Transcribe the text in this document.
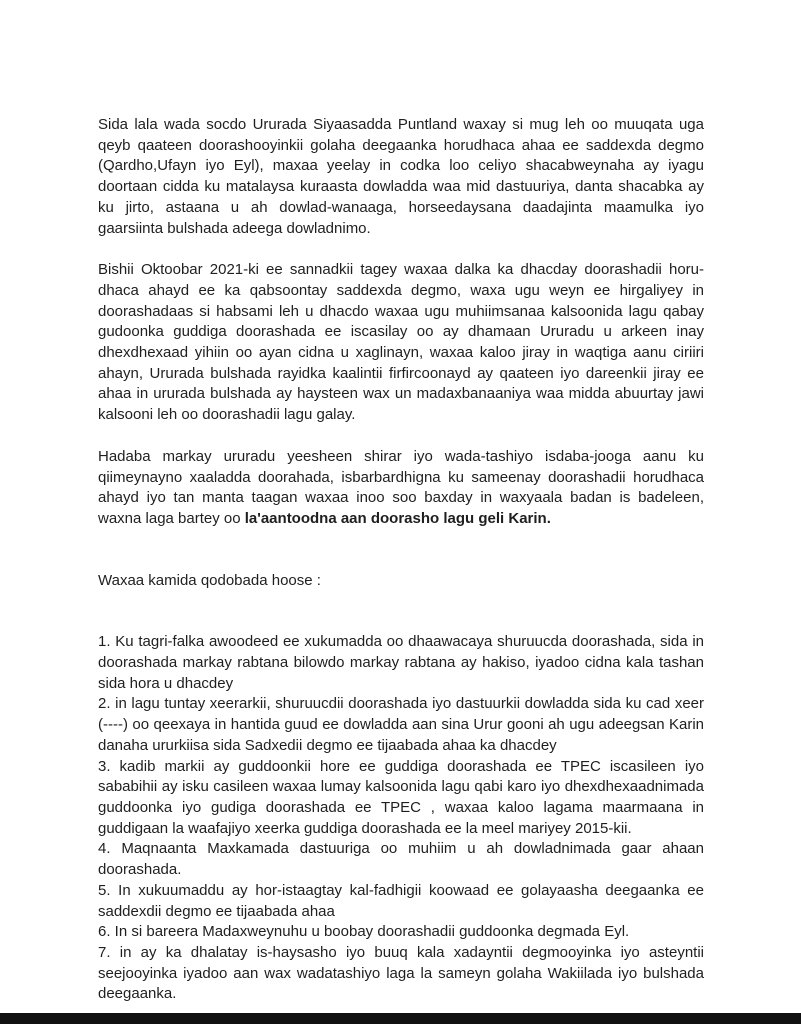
Sida lala wada socdo Ururada Siyaasadda Puntland waxay si mug leh oo muuqata uga qeyb qaateen doorashooyinkii golaha deegaanka horudhaca ahaa ee saddexda degmo (Qardho,Ufayn iyo Eyl), maxaa yeelay in codka loo celiyo shacabweynaha ay iyagu doortaan cidda ku matalaysa kuraasta dowladda waa mid dastuuriya, danta shacabka ay ku jirto, astaana u ah dowlad-wanaaga, horseedaysana daadajinta maamulka iyo gaarsiinta bulshada adeega dowladnimo.

Bishii Oktoobar 2021-ki ee sannadkii tagey waxaa dalka ka dhacday doorashadii horu-dhaca ahayd ee ka qabsoontay saddexda degmo, waxa ugu weyn ee hirgaliyey in doorashadaas si habsami leh u dhacdo waxaa ugu muhiimsanaa kalsoonida lagu qabay gudoonka guddiga doorashada ee iscasilay oo ay dhamaan Ururadu u arkeen inay dhexdhexaad yihiin oo ayan cidna u xaglinayn, waxaa kaloo jiray in waqtiga aanu ciriiri ahayn, Ururada bulshada rayidka kaalintii firfircoonayd ay qaateen iyo dareenkii jiray ee ahaa in ururada bulshada ay haysteen wax un madaxbanaaniya waa midda abuurtay jawi kalsooni leh oo doorashadii lagu galay.

Hadaba markay ururadu yeesheen shirar iyo wada-tashiyo isdaba-jooga aanu ku qiimeynayno xaaladda doorahada, isbarbardhigna ku sameenay doorashadii horudhaca ahayd iyo tan manta taagan waxaa inoo soo baxday in waxyaala badan is badeleen, waxna laga bartey oo la'aantoodna aan doorasho lagu geli Karin.

Waxaa kamida qodobada hoose :

1. Ku tagri-falka awoodeed ee xukumadda oo dhaawacaya shuruucda doorashada, sida in doorashada markay rabtana bilowdo markay rabtana ay hakiso, iyadoo cidna kala tashan sida hora u dhacdey

2. in lagu tuntay xeerarkii, shuruucdii doorashada iyo dastuurkii dowladda sida ku cad xeer (----) oo qeexaya in hantida guud ee dowladda aan sina Urur gooni ah ugu adeegsan Karin danaha ururkiisa sida Sadxedii degmo ee tijaabada ahaa ka dhacdey

3. kadib markii ay guddoonkii hore ee guddiga doorashada ee TPEC iscasileen iyo sababihii ay isku casileen waxaa lumay kalsoonida lagu qabi karo iyo dhexdhexaadnimada guddoonka iyo gudiga doorashada ee TPEC , waxaa kaloo lagama maarmaana in guddigaan la waafajiyo xeerka guddiga doorashada ee la meel mariyey 2015-kii.

4. Maqnaanta Maxkamada dastuuriga oo muhiim u ah dowladnimada gaar ahaan doorashada.

5. In xukuumaddu ay hor-istaagtay kal-fadhigii koowaad ee golayaasha deegaanka ee saddexdii degmo ee tijaabada ahaa

6. In si bareera Madaxweynuhu u boobay doorashadii guddoonka degmada Eyl.

7. in ay ka dhalatay is-haysasho iyo buuq kala xadayntii degmooyinka iyo asteyntii seejooyinka iyadoo aan wax wadatashiyo laga la sameyn golaha Wakiilada iyo bulshada deegaanka.
